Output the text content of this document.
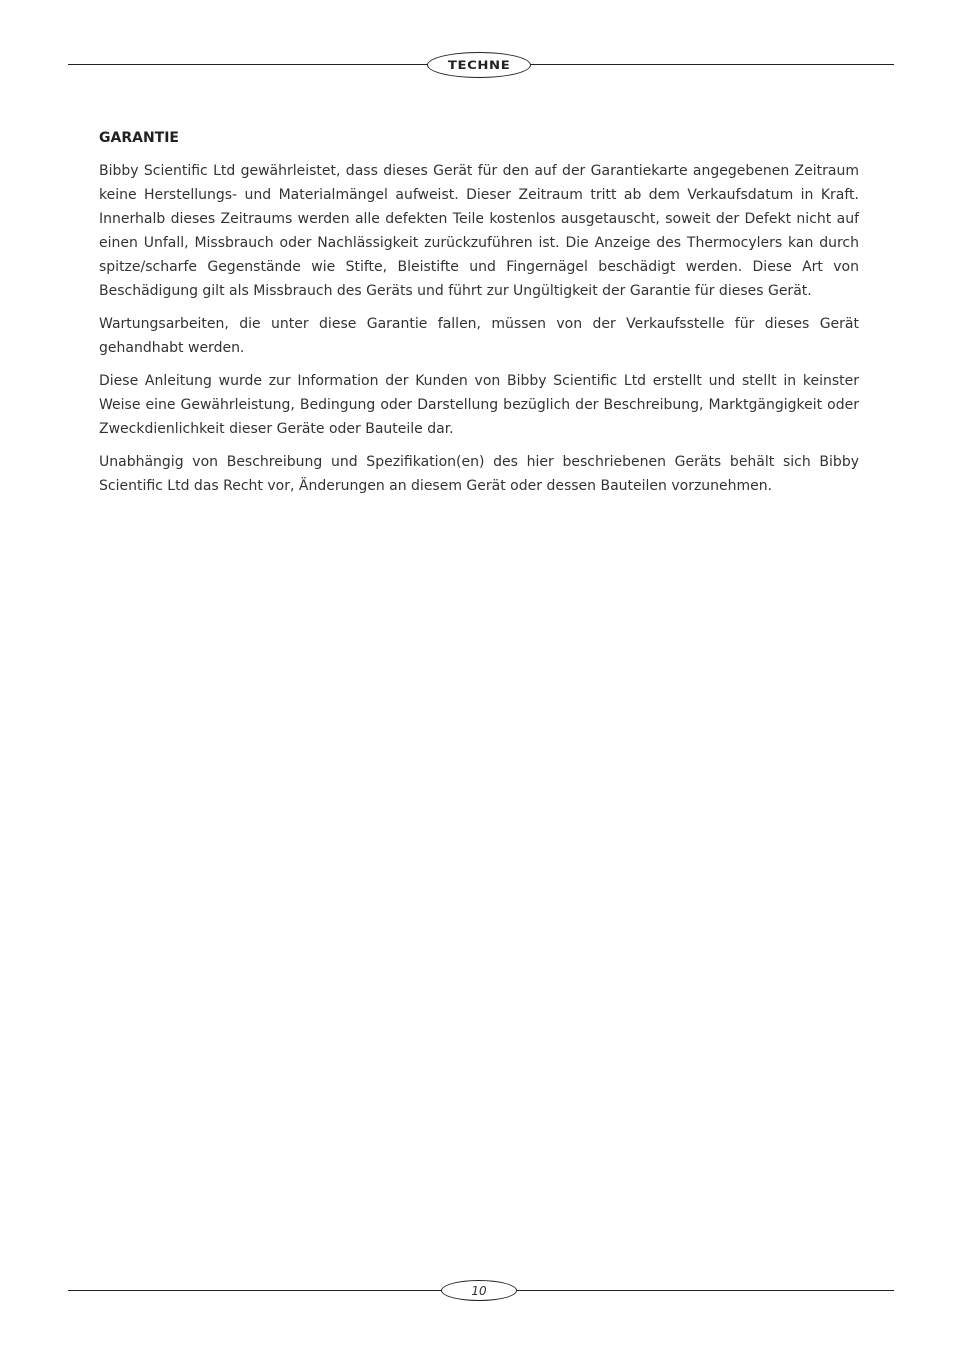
TECHNE
GARANTIE

Bibby Scientific Ltd gewährleistet, dass dieses Gerät für den auf der Garantiekarte angegebenen Zeitraum keine Herstellungs- und Materialmängel aufweist. Dieser Zeitraum tritt ab dem Verkaufsdatum in Kraft. Innerhalb dieses Zeitraums werden alle defekten Teile kostenlos ausgetauscht, soweit der Defekt nicht auf einen Unfall, Missbrauch oder Nachlässigkeit zurückzuführen ist. Die Anzeige des Thermocylers kan durch spitze/scharfe Gegenstände wie Stifte, Bleistifte und Fingernägel beschädigt werden. Diese Art von Beschädigung gilt als Missbrauch des Geräts und führt zur Ungültigkeit der Garantie für dieses Gerät.

Wartungsarbeiten, die unter diese Garantie fallen, müssen von der Verkaufsstelle für dieses Gerät gehandhabt werden.

Diese Anleitung wurde zur Information der Kunden von Bibby Scientific Ltd erstellt und stellt in keinster Weise eine Gewährleistung, Bedingung oder Darstellung bezüglich der Beschreibung, Marktgängigkeit oder Zweckdienlichkeit dieser Geräte oder Bauteile dar.

Unabhängig von Beschreibung und Spezifikation(en) des hier beschriebenen Geräts behält sich Bibby Scientific Ltd das Recht vor, Änderungen an diesem Gerät oder dessen Bauteilen vorzunehmen.

10
